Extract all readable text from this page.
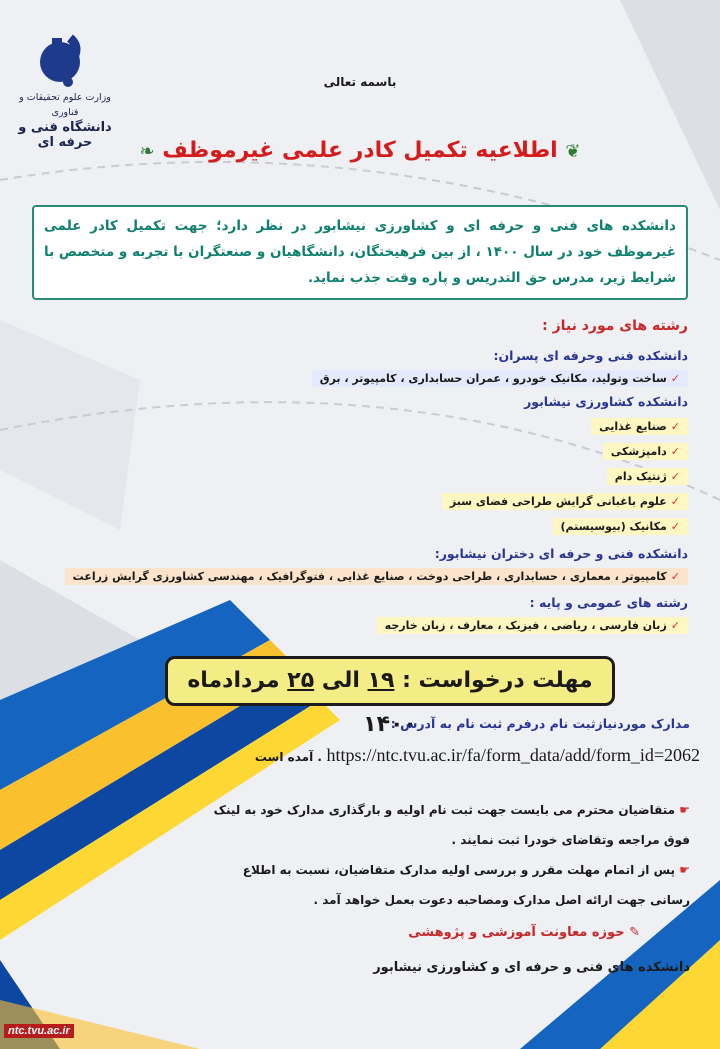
وزارت علوم تحقیقات و فناوری
دانشگاه فنی و حرفه ای
باسمه تعالی
❦ اطلاعیه تکمیل کادر علمی غیرموظف ❧

دانشکده های فنی و حرفه ای و کشاورزی نیشابور در نظر دارد؛ جهت تکمیل کادر علمی غیرموظف خود در سال ۱۴۰۰ ، از بین فرهیختگان، دانشگاهیان و صنعتگران با تجربه و متخصص با شرایط زیر، مدرس حق التدریس و پاره وقت جذب نماید.

رشته های مورد نیاز :
دانشکده فنی وحرفه ای پسران:
✓ساخت وتولید، مکانیک خودرو ، عمران حسابداری ، کامپیوتر ، برق
دانشکده کشاورزی نیشابور
✓صنایع غذایی
✓دامپزشکی
✓ژنتیک دام
✓علوم باغبانی گرایش طراحی فضای سبز
✓مکانیک (بیوسیستم)
دانشکده فنی و حرفه ای دختران نیشابور:
✓کامپیوتر ، معماری ، حسابداری ، طراحی دوخت ، صنایع غذایی ، فتوگرافیک ، مهندسی کشاورزی گرایش زراعت
رشته های عمومی و پایه :
✓زبان فارسی ، ریاضی ، فیزیک ، معارف ، زبان خارجه
مهلت درخواست : ۱۹ الی ۲۵ مردادماه ۱۴۰۰
مدارک موردنیازثبت نام درفرم ثبت نام به آدرس :
آمده است . https://ntc.tvu.ac.ir/fa/form_data/add/form_id=2062
☛ متقاضیان محترم می بایست جهت ثبت نام اولیه و بارگذاری مدارک خود به لینک فوق مراجعه وتقاضای خودرا ثبت نمایند .
☛ پس از اتمام مهلت مقرر و بررسی اولیه مدارک متقاضیان، نسبت به اطلاع رسانی جهت ارائه اصل مدارک ومصاحبه دعوت بعمل خواهد آمد .
✎ حوزه معاونت آموزشی و پژوهشی
دانشکده های فنی و حرفه ای و کشاورزی نیشابور
ntc.tvu.ac.ir
